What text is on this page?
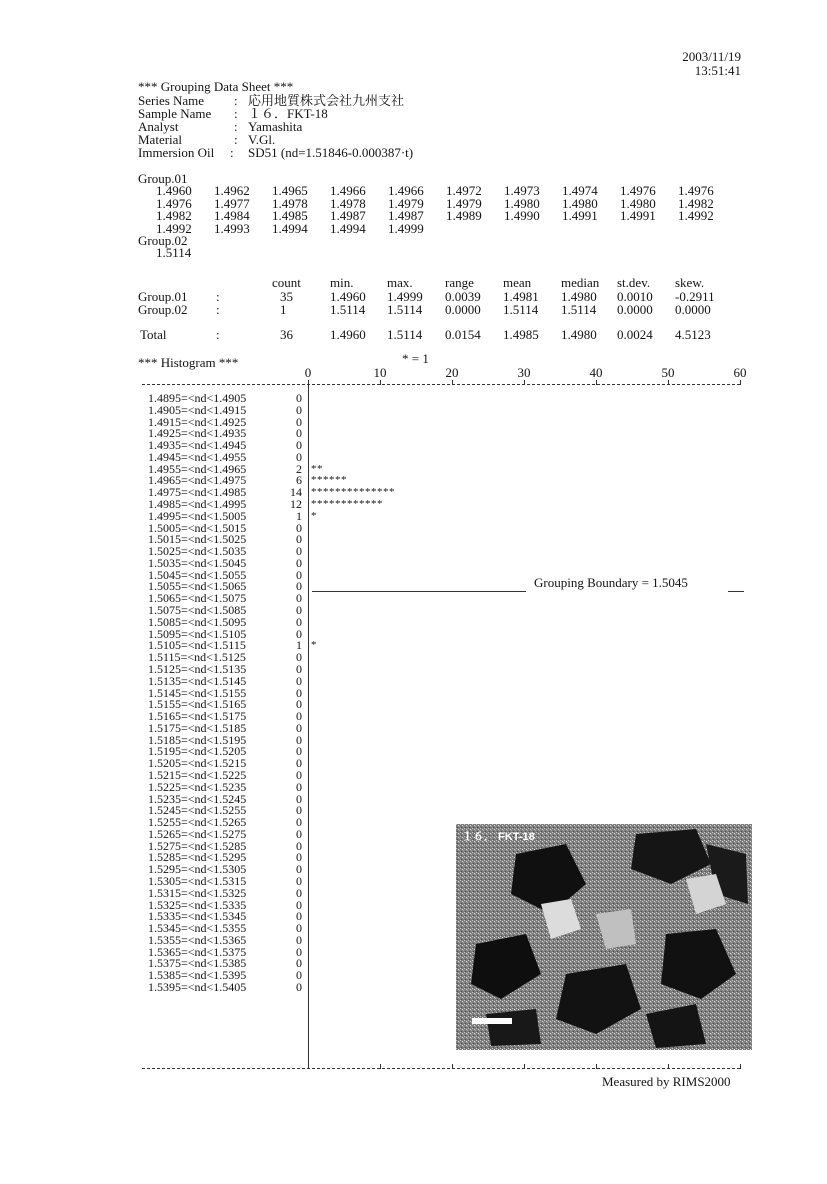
2003/11/19
13:51:41
*** Grouping Data Sheet ***
Series Name : 応用地質株式会社九州支社
Sample Name : １６．FKT-18
Analyst	: Yamashita
Material	: V.Gl.
Immersion Oil : SD51 (nd=1.51846-0.000387·t)
Group.01
1.4960 1.4962 1.4965 1.4966 1.4966 1.4972 1.4973 1.4974 1.4976 1.4976
1.4976 1.4977 1.4978 1.4978 1.4979 1.4979 1.4980 1.4980 1.4980 1.4982
1.4982 1.4984 1.4985 1.4987 1.4987 1.4989 1.4990 1.4991 1.4991 1.4992
1.4992 1.4993 1.4994 1.4994 1.4999
Group.02
1.5114
count min.	max. range mean median st.dev. skew.
Group.01 :	35	1.4960 1.4999 0.0039 1.4981 1.4980 0.0010 -0.2911
Group.02 :	1	1.5114 1.5114 0.0000 1.5114 1.5114 0.0000 0.0000
Total	:	36	1.4960 1.5114 0.0154 1.4985 1.4980 0.0024 4.5123
*** Histogram ***	* = 1
0	10	20	30	40	50	60
1.4895=<nd<1.4905	0
1.4905=<nd<1.4915	0
1.4915=<nd<1.4925	0
1.4925=<nd<1.4935	0
1.4935=<nd<1.4945	0
1.4945=<nd<1.4955	0
1.4955=<nd<1.4965	2 **
1.4965=<nd<1.4975	6 ******
1.4975=<nd<1.4985	14 **************
1.4985=<nd<1.4995	12 ************
1.4995=<nd<1.5005	1 *
1.5005=<nd<1.5015	0
1.5015=<nd<1.5025	0
1.5025=<nd<1.5035	0
1.5035=<nd<1.5045	0
1.5045=<nd<1.5055	0
1.5055=<nd<1.5065	0
1.5065=<nd<1.5075	0
1.5075=<nd<1.5085	0
1.5085=<nd<1.5095	0
1.5095=<nd<1.5105	0
1.5105=<nd<1.5115	1 *
1.5115=<nd<1.5125	0
1.5125=<nd<1.5135	0
1.5135=<nd<1.5145	0
1.5145=<nd<1.5155	0
1.5155=<nd<1.5165	0
1.5165=<nd<1.5175	0
1.5175=<nd<1.5185	0
1.5185=<nd<1.5195	0
1.5195=<nd<1.5205	0
1.5205=<nd<1.5215	0
1.5215=<nd<1.5225	0
1.5225=<nd<1.5235	0
1.5235=<nd<1.5245	0
1.5245=<nd<1.5255	0
1.5255=<nd<1.5265	0
1.5265=<nd<1.5275	0
1.5275=<nd<1.5285	0
1.5285=<nd<1.5295	0
1.5295=<nd<1.5305	0
1.5305=<nd<1.5315	0
1.5315=<nd<1.5325	0
1.5325=<nd<1.5335	0
1.5335=<nd<1.5345	0
1.5345=<nd<1.5355	0
1.5355=<nd<1.5365	0
1.5365=<nd<1.5375	0
1.5375=<nd<1.5385	0
1.5385=<nd<1.5395	0
1.5395=<nd<1.5405	0
Grouping Boundary = 1.5045
１６． FKT-18
Measured by RIMS2000
